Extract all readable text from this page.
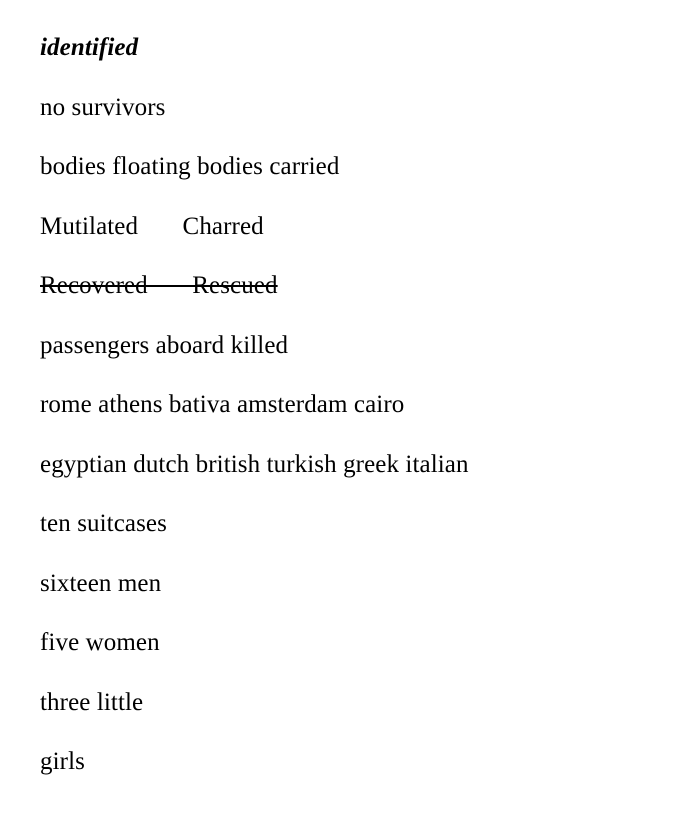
identified
no survivors
bodies floating bodies carried
Mutilated       Charred
Recovered       Rescued
passengers aboard killed
rome athens bativa amsterdam cairo
egyptian dutch british turkish greek italian
ten suitcases
sixteen men
five women
three little
girls
